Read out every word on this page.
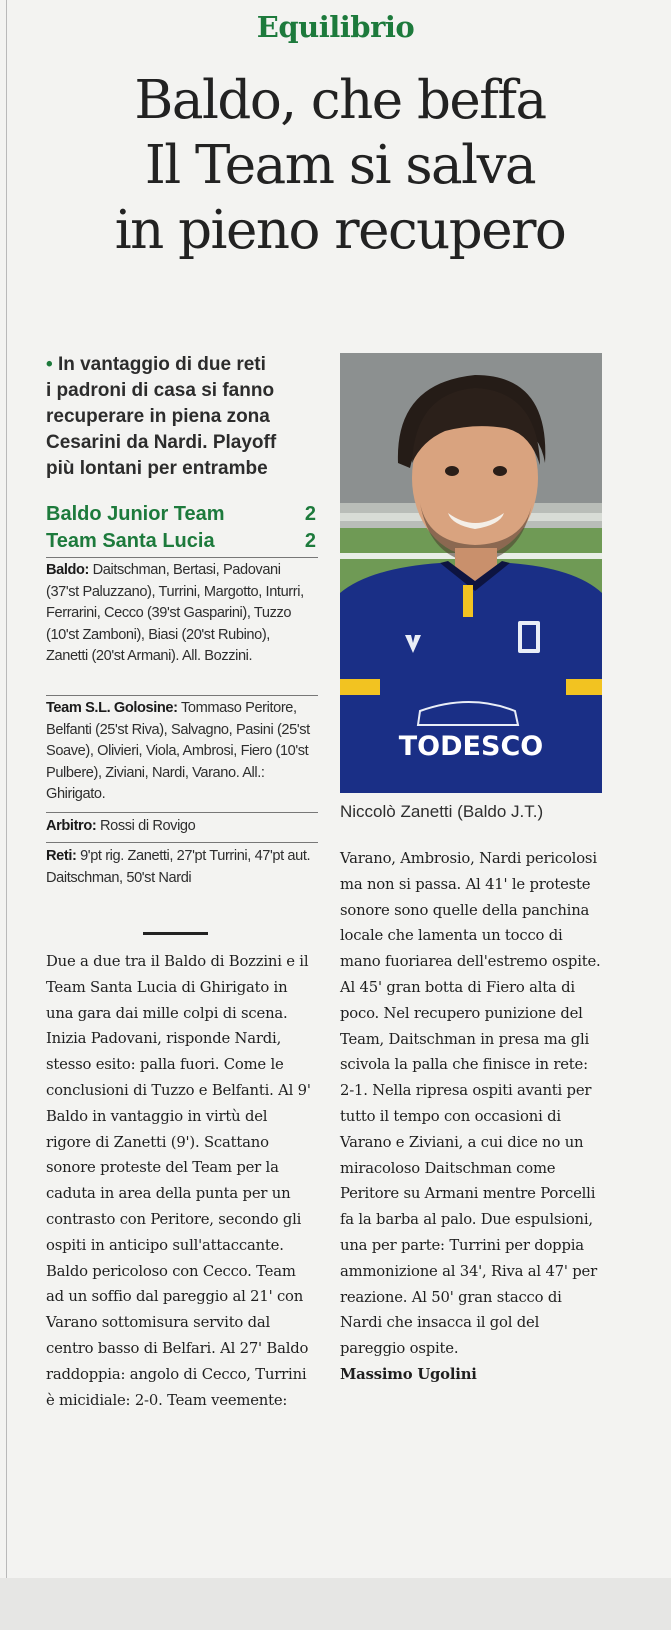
Equilibrio
Baldo, che beffa
Il Team si salva
in pieno recupero
• In vantaggio di due reti
i padroni di casa si fanno
recuperare in piena zona
Cesarini da Nardi. Playoff
più lontani per entrambe
Baldo Junior Team	2
Team Santa Lucia	2
Baldo: Daitschman, Bertasi, Padovani (37'st Paluzzano), Turrini, Margotto, Inturri, Ferrarini, Cecco (39'st Gasparini), Tuzzo (10'st Zamboni), Biasi (20'st Rubino), Zanetti (20'st Armani). All. Bozzini.
Team S.L. Golosine: Tommaso Peritore, Belfanti (25'st Riva), Salvagno, Pasini (25'st Soave), Olivieri, Viola, Ambrosi, Fiero (10'st Pulbere), Ziviani, Nardi, Varano. All.: Ghirigato.
Arbitro: Rossi di Rovigo
Reti: 9'pt rig. Zanetti, 27'pt Turrini, 47'pt aut. Daitschman, 50'st Nardi
TODESCO
Niccolò Zanetti (Baldo J.T.)

Due a due tra il Baldo di Bozzini e il Team Santa Lucia di Ghirigato in una gara dai mille colpi di scena. Inizia Padovani, risponde Nardi, stesso esito: palla fuori. Come le conclusioni di Tuzzo e Belfanti. Al 9' Baldo in vantaggio in virtù del rigore di Zanetti (9'). Scattano sonore proteste del Team per la caduta in area della punta per un contrasto con Peritore, secondo gli ospiti in anticipo sull'attaccante. Baldo pericoloso con Cecco. Team ad un soffio dal pareggio al 21' con Varano sottomisura servito dal centro basso di Belfari. Al 27' Baldo raddoppia: angolo di Cecco, Turrini è micidiale: 2-0. Team veemente:

Varano, Ambrosio, Nardi pericolosi ma non si passa. Al 41' le proteste sonore sono quelle della panchina locale che lamenta un tocco di mano fuoriarea dell'estremo ospite. Al 45' gran botta di Fiero alta di poco. Nel recupero punizione del Team, Daitschman in presa ma gli scivola la palla che finisce in rete: 2-1. Nella ripresa ospiti avanti per tutto il tempo con occasioni di Varano e Ziviani, a cui dice no un miracoloso Daitschman come Peritore su Armani mentre Porcelli fa la barba al palo. Due espulsioni, una per parte: Turrini per doppia ammonizione al 34', Riva al 47' per reazione. Al 50' gran stacco di Nardi che insacca il gol del pareggio ospite.

Massimo Ugolini
